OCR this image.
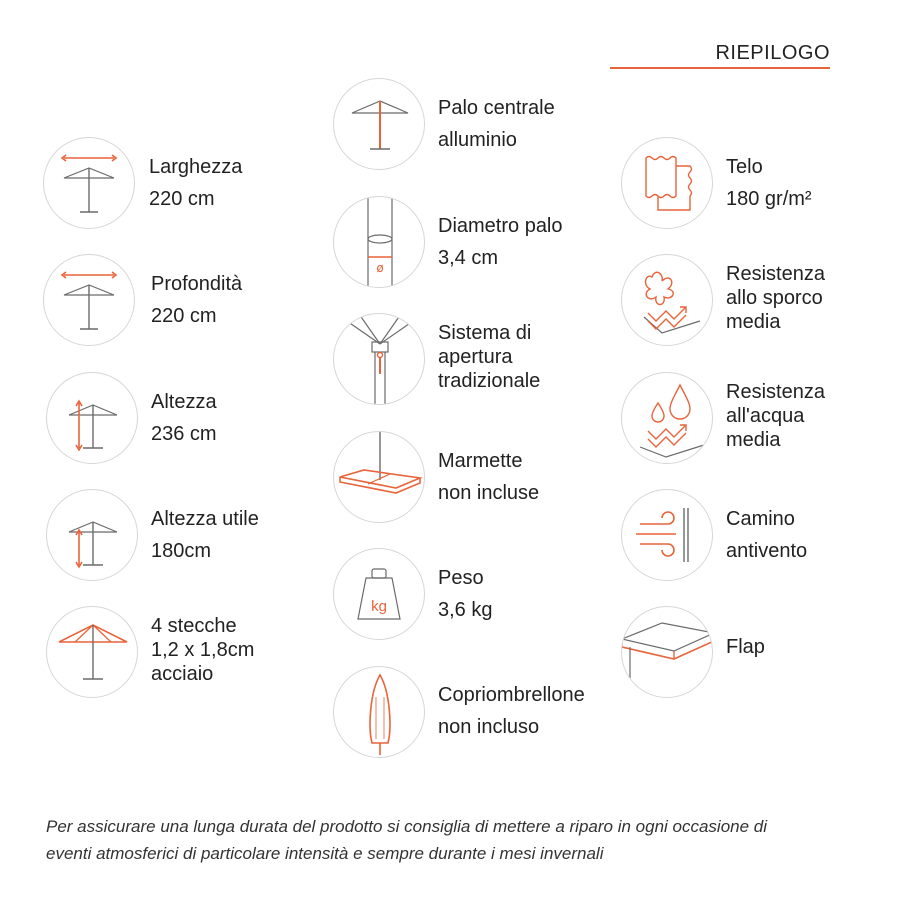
RIEPILOGO
Larghezza
220 cm
Profondità
220 cm
Altezza
236 cm
Altezza utile
180cm
4 stecche
1,2 x 1,8cm
acciaio
Palo centrale
alluminio
ø
Diametro palo
3,4 cm
Sistema di
apertura
tradizionale
Marmette
non incluse
kg
Peso
3,6 kg
Copriombrellone
non incluso
Telo
180 gr/m²
Resistenza
allo sporco
media
Resistenza
all'acqua
media
Camino
antivento
Flap
Per assicurare una lunga durata del prodotto si consiglia di mettere a riparo in ogni occasione di
eventi atmosferici di particolare intensità e sempre durante i mesi invernali
